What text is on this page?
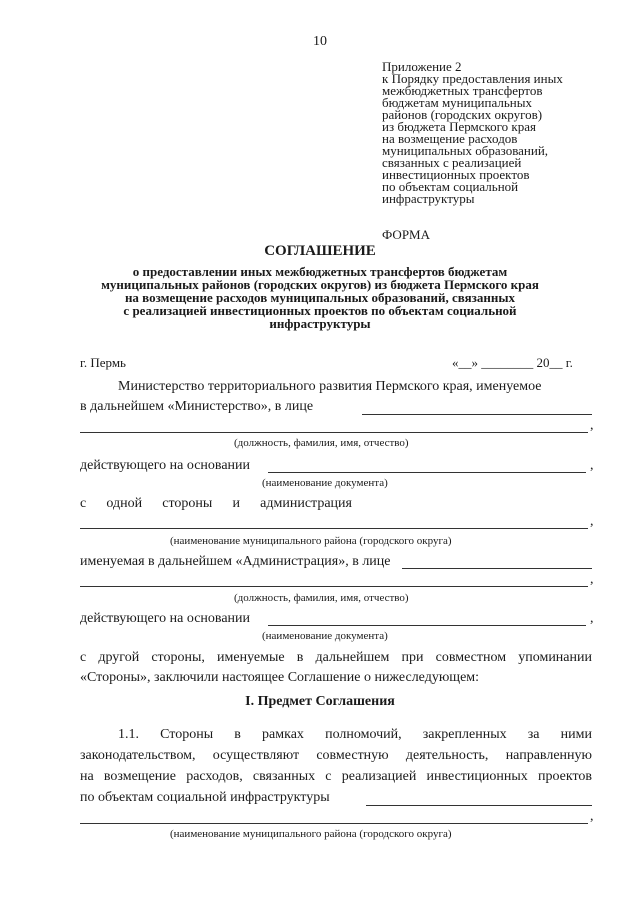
10
Приложение 2
к Порядку предоставления иных
межбюджетных трансфертов
бюджетам муниципальных
районов (городских округов)
из бюджета Пермского края
на возмещение расходов
муниципальных образований,
связанных с реализацией
инвестиционных проектов
по объектам социальной
инфраструктуры
ФОРМА
СОГЛАШЕНИЕ
о предоставлении иных межбюджетных трансфертов бюджетам
муниципальных районов (городских округов) из бюджета Пермского края
на возмещение расходов муниципальных образований, связанных
с реализацией инвестиционных проектов по объектам социальной
инфраструктуры
г. Пермь	«__» ________ 20__ г.
Министерство территориального развития Пермского края, именуемое
в дальнейшем «Министерство», в лице
,
(должность, фамилия, имя, отчество)
действующего на основании	,
(наименование документа)
с одной стороны и администрация
,
(наименование муниципального района (городского округа)
именуемая в дальнейшем «Администрация», в лице
,
(должность, фамилия, имя, отчество)
действующего на основании	,
(наименование документа)
с другой стороны, именуемые в дальнейшем при совместном упоминании
«Стороны», заключили настоящее Соглашение о нижеследующем:
I. Предмет Соглашения
1.1. Стороны в рамках полномочий, закрепленных за ними
законодательством, осуществляют совместную деятельность, направленную
на возмещение расходов, связанных с реализацией инвестиционных проектов
по объектам социальной инфраструктуры
,
(наименование муниципального района (городского округа)
